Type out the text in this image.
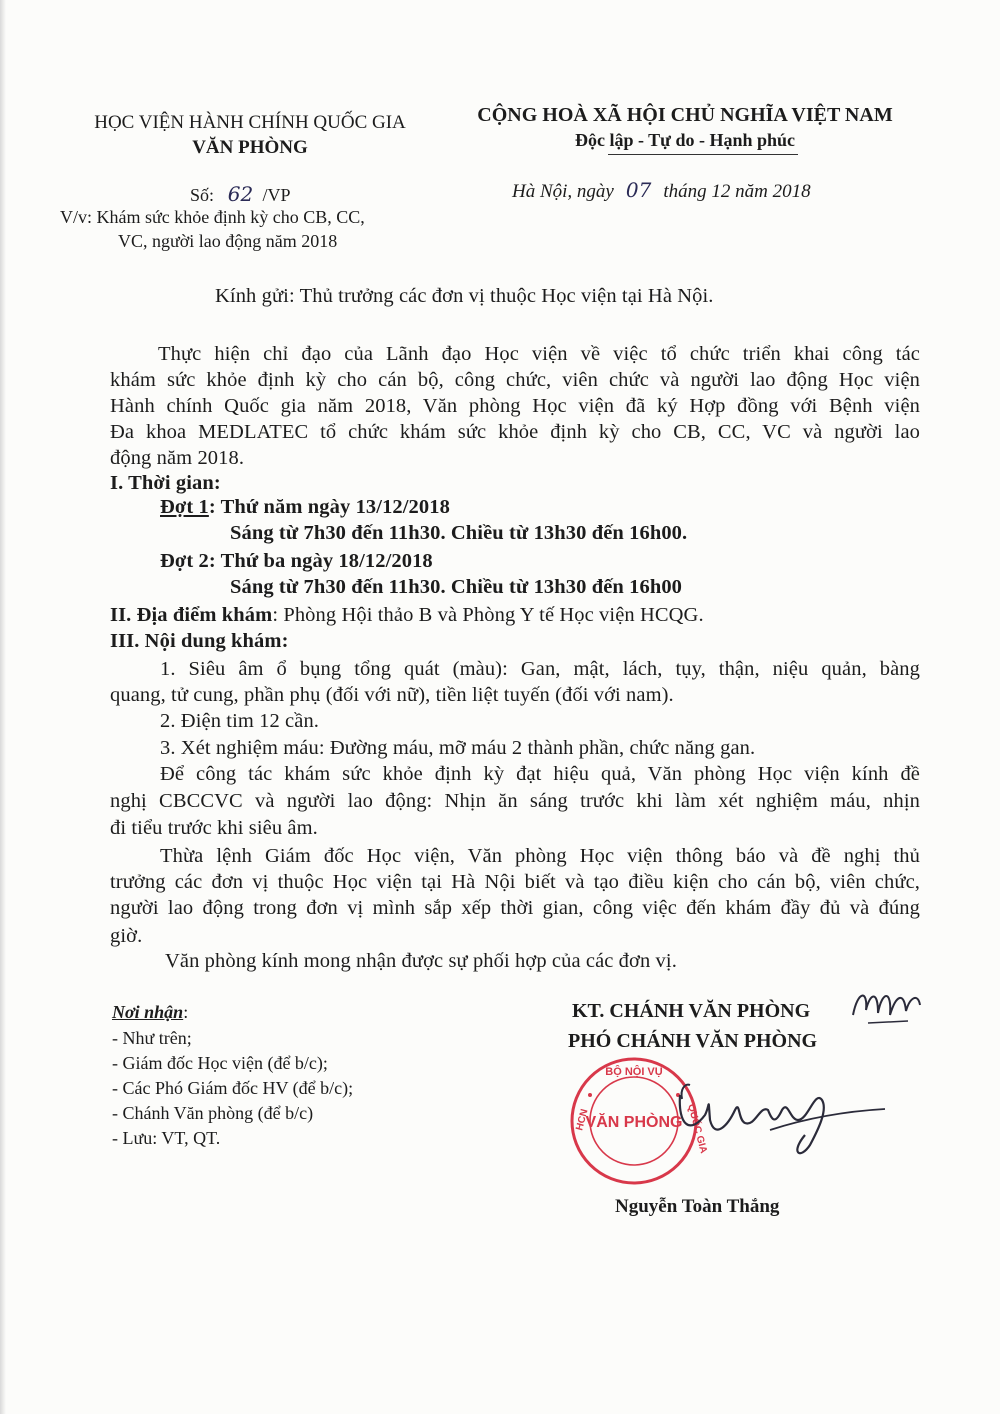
HỌC VIỆN HÀNH CHÍNH QUỐC GIA
VĂN PHÒNG
CỘNG HOÀ XÃ HỘI CHỦ NGHĨA VIỆT NAM
Độc lập - Tự do - Hạnh phúc
Số: 62 /VP	Hà Nội, ngày 07 tháng 12 năm 2018
V/v: Khám sức khỏe định kỳ cho CB, CC,
VC, người lao động năm 2018
Kính gửi: Thủ trưởng các đơn vị thuộc Học viện tại Hà Nội.
Thực hiện chỉ đạo của Lãnh đạo Học viện về việc tổ chức triển khai công tác
khám sức khỏe định kỳ cho cán bộ, công chức, viên chức và người lao động Học viện
Hành chính Quốc gia năm 2018, Văn phòng Học viện đã ký Hợp đồng với Bệnh viện
Đa khoa MEDLATEC tổ chức khám sức khỏe định kỳ cho CB, CC, VC và người lao
động năm 2018.
I. Thời gian:
Đợt 1: Thứ năm ngày 13/12/2018
Sáng từ 7h30 đến 11h30. Chiều từ 13h30 đến 16h00.
Đợt 2: Thứ ba ngày 18/12/2018
Sáng từ 7h30 đến 11h30. Chiều từ 13h30 đến 16h00
II. Địa điểm khám: Phòng Hội thảo B và Phòng Y tế Học viện HCQG.
III. Nội dung khám:
1. Siêu âm ổ bụng tổng quát (màu): Gan, mật, lách, tụy, thận, niệu quản, bàng
quang, tử cung, phần phụ (đối với nữ), tiền liệt tuyến (đối với nam).
2. Điện tim 12 cần.
3. Xét nghiệm máu: Đường máu, mỡ máu 2 thành phần, chức năng gan.
Để công tác khám sức khỏe định kỳ đạt hiệu quả, Văn phòng Học viện kính đề
nghị CBCCVC và người lao động: Nhịn ăn sáng trước khi làm xét nghiệm máu, nhịn
đi tiểu trước khi siêu âm.
Thừa lệnh Giám đốc Học viện, Văn phòng Học viện thông báo và đề nghị thủ
trưởng các đơn vị thuộc Học viện tại Hà Nội biết và tạo điều kiện cho cán bộ, viên chức,
người lao động trong đơn vị mình sắp xếp thời gian, công việc đến khám đầy đủ và đúng
giờ.
Văn phòng kính mong nhận được sự phối hợp của các đơn vị.
Nơi nhận:
- Như trên;
- Giám đốc Học viện (để b/c);
- Các Phó Giám đốc HV (để b/c);
- Chánh Văn phòng (để b/c)
- Lưu: VT, QT.
KT. CHÁNH VĂN PHÒNG
PHÓ CHÁNH VĂN PHÒNG
BỘ NỘI VỤ
HCN	QUỐC GIA
VĂN PHÒNG
Nguyễn Toàn Thắng
